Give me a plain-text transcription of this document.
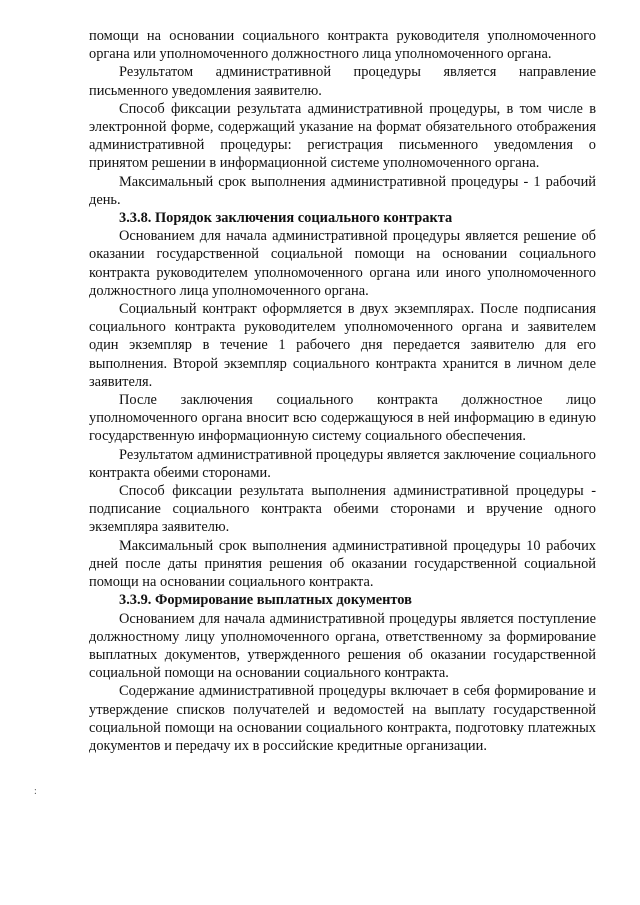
помощи на основании социального контракта руководителя уполномоченного органа или уполномоченного должностного лица уполномоченного органа.

Результатом административной процедуры является направление письменного уведомления заявителю.

Способ фиксации результата административной процедуры, в том числе в электронной форме, содержащий указание на формат обязательного отображения административной процедуры: регистрация письменного уведомления о принятом решении в информационной системе уполномоченного органа.

Максимальный срок выполнения административной процедуры - 1 рабочий день.

3.3.8. Порядок заключения социального контракта

Основанием для начала административной процедуры является решение об оказании государственной социальной помощи на основании социального контракта руководителем уполномоченного органа или иного уполномоченного должностного лица уполномоченного органа.

Социальный контракт оформляется в двух экземплярах. После подписания социального контракта руководителем уполномоченного органа и заявителем один экземпляр в течение 1 рабочего дня передается заявителю для его выполнения. Второй экземпляр социального контракта хранится в личном деле заявителя.

После заключения социального контракта должностное лицо уполномоченного органа вносит всю содержащуюся в ней информацию в единую государственную информационную систему социального обеспечения.

Результатом административной процедуры является заключение социального контракта обеими сторонами.

Способ фиксации результата выполнения административной процедуры - подписание социального контракта обеими сторонами и вручение одного экземпляра заявителю.

Максимальный срок выполнения административной процедуры 10 рабочих дней после даты принятия решения об оказании государственной социальной помощи на основании социального контракта.

3.3.9. Формирование выплатных документов

Основанием для начала административной процедуры является поступление должностному лицу уполномоченного органа, ответственному за формирование выплатных документов, утвержденного решения об оказании государственной социальной помощи на основании социального контракта.

Содержание административной процедуры включает в себя формирование и утверждение списков получателей и ведомостей на выплату государственной социальной помощи на основании социального контракта, подготовку платежных документов и передачу их в российские кредитные организации.

:
